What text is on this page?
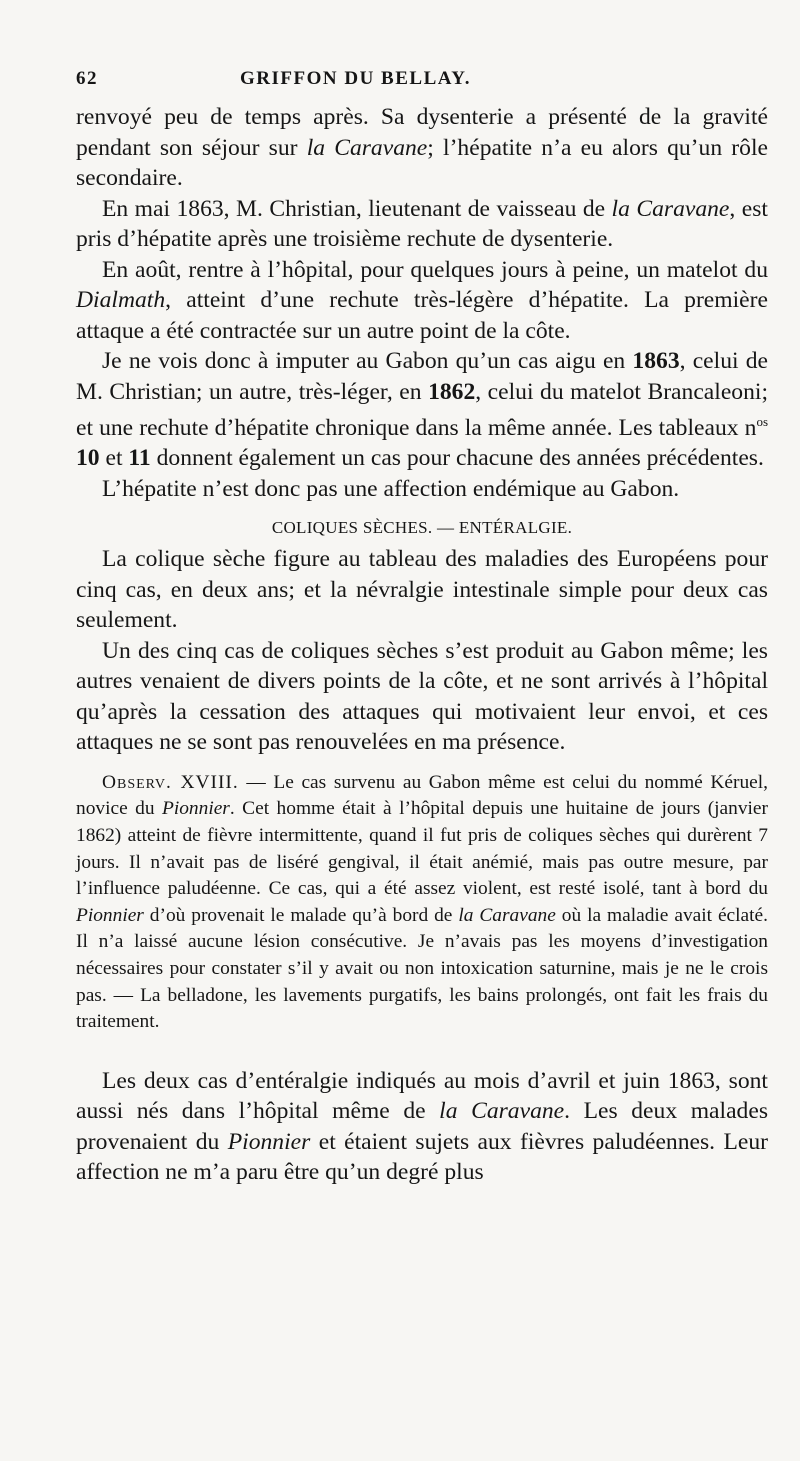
62	GRIFFON DU BELLAY.

renvoyé peu de temps après. Sa dysenterie a présenté de la gravité pendant son séjour sur la Caravane; l’hépatite n’a eu alors qu’un rôle secondaire.

En mai 1863, M. Christian, lieutenant de vaisseau de la Caravane, est pris d’hépatite après une troisième rechute de dysenterie.

En août, rentre à l’hôpital, pour quelques jours à peine, un matelot du Dialmath, atteint d’une rechute très-légère d’hépatite. La première attaque a été contractée sur un autre point de la côte.

Je ne vois donc à imputer au Gabon qu’un cas aigu en 1863, celui de M. Christian; un autre, très-léger, en 1862, celui du matelot Brancaleoni; et une rechute d’hépatite chronique dans la même année. Les tableaux $n^{os}$ 10 et 11 donnent également un cas pour chacune des années précédentes.

L’hépatite n’est donc pas une affection endémique au Gabon.

COLIQUES SÈCHES. — ENTÉRALGIE.

La colique sèche figure au tableau des maladies des Européens pour cinq cas, en deux ans; et la névralgie intestinale simple pour deux cas seulement.

Un des cinq cas de coliques sèches s’est produit au Gabon même; les autres venaient de divers points de la côte, et ne sont arrivés à l’hôpital qu’après la cessation des attaques qui motivaient leur envoi, et ces attaques ne se sont pas renouvelées en ma présence.

Observ. XVIII. — Le cas survenu au Gabon même est celui du nommé Kéruel, novice du Pionnier. Cet homme était à l’hôpital depuis une huitaine de jours (janvier 1862) atteint de fièvre intermittente, quand il fut pris de coliques sèches qui durèrent 7 jours. Il n’avait pas de liséré gengival, il était anémié, mais pas outre mesure, par l’influence paludéenne. Ce cas, qui a été assez violent, est resté isolé, tant à bord du Pionnier d’où provenait le malade qu’à bord de la Caravane où la maladie avait éclaté. Il n’a laissé aucune lésion consécutive. Je n’avais pas les moyens d’investigation nécessaires pour constater s’il y avait ou non intoxication saturnine, mais je ne le crois pas. — La belladone, les lavements purgatifs, les bains prolongés, ont fait les frais du traitement.

Les deux cas d’entéralgie indiqués au mois d’avril et juin 1863, sont aussi nés dans l’hôpital même de la Caravane. Les deux malades provenaient du Pionnier et étaient sujets aux fièvres paludéennes. Leur affection ne m’a paru être qu’un degré plus
